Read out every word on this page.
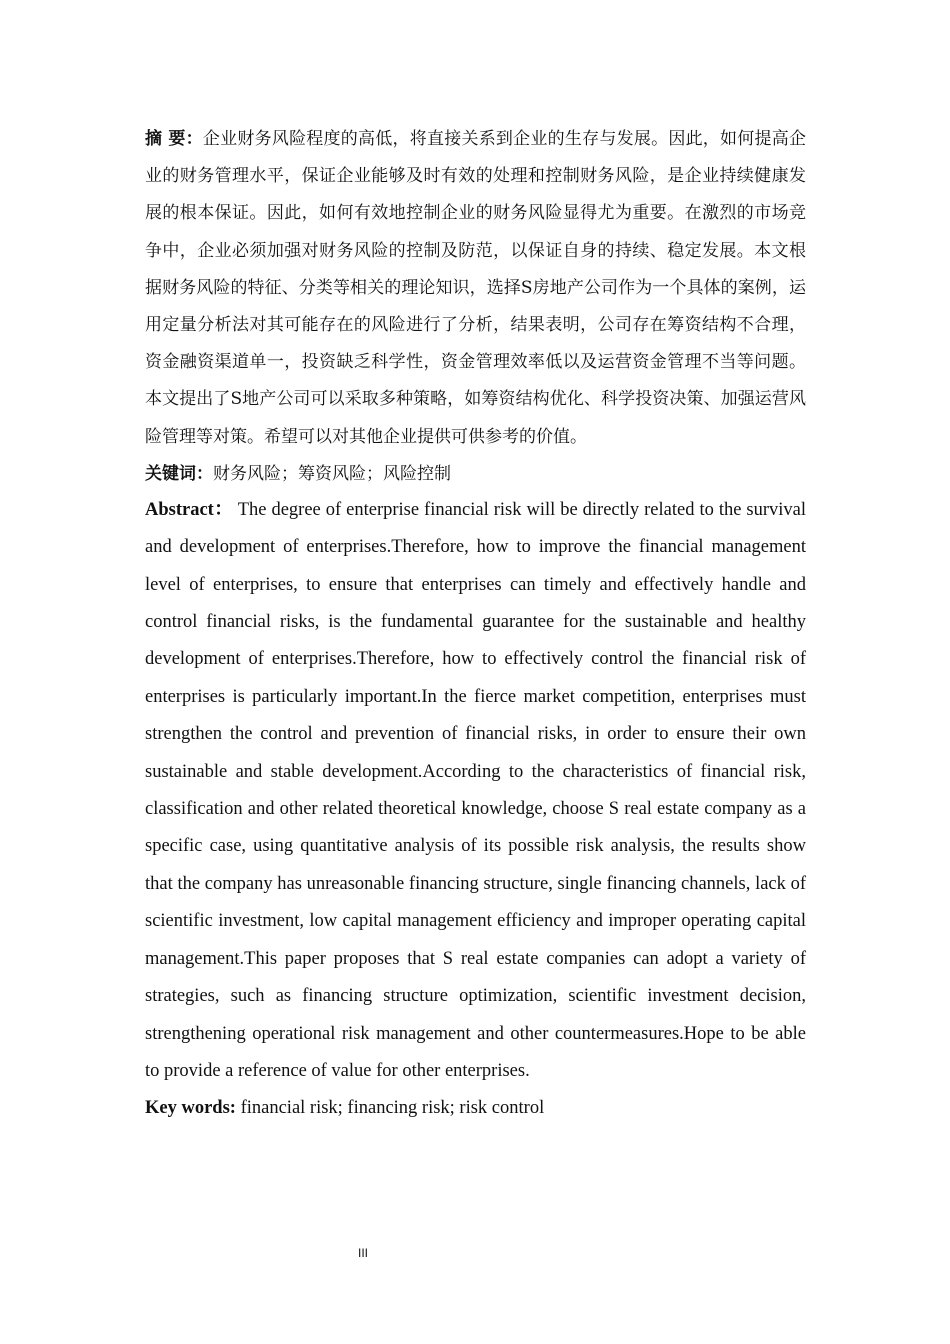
摘 要：企业财务风险程度的高低，将直接关系到企业的生存与发展。因此，如何提高企业的财务管理水平，保证企业能够及时有效的处理和控制财务风险，是企业持续健康发展的根本保证。因此，如何有效地控制企业的财务风险显得尤为重要。在激烈的市场竞争中，企业必须加强对财务风险的控制及防范，以保证自身的持续、稳定发展。本文根据财务风险的特征、分类等相关的理论知识，选择S房地产公司作为一个具体的案例，运用定量分析法对其可能存在的风险进行了分析，结果表明，公司存在筹资结构不合理，资金融资渠道单一，投资缺乏科学性，资金管理效率低以及运营资金管理不当等问题。本文提出了S地产公司可以采取多种策略，如筹资结构优化、科学投资决策、加强运营风险管理等对策。希望可以对其他企业提供可供参考的价值。

关键词：财务风险；筹资风险；风险控制

Abstract： The degree of enterprise financial risk will be directly related to the survival and development of enterprises.Therefore, how to improve the financial management level of enterprises, to ensure that enterprises can timely and effectively handle and control financial risks, is the fundamental guarantee for the sustainable and healthy development of enterprises.Therefore, how to effectively control the financial risk of enterprises is particularly important.In the fierce market competition, enterprises must strengthen the control and prevention of financial risks, in order to ensure their own sustainable and stable development.According to the characteristics of financial risk, classification and other related theoretical knowledge, choose S real estate company as a specific case, using quantitative analysis of its possible risk analysis, the results show that the company has unreasonable financing structure, single financing channels, lack of scientific investment, low capital management efficiency and improper operating capital management.This paper proposes that S real estate companies can adopt a variety of strategies, such as financing structure optimization, scientific investment decision, strengthening operational risk management and other countermeasures.Hope to be able to provide a reference of value for other enterprises.

Key words: financial risk; financing risk; risk control

III
